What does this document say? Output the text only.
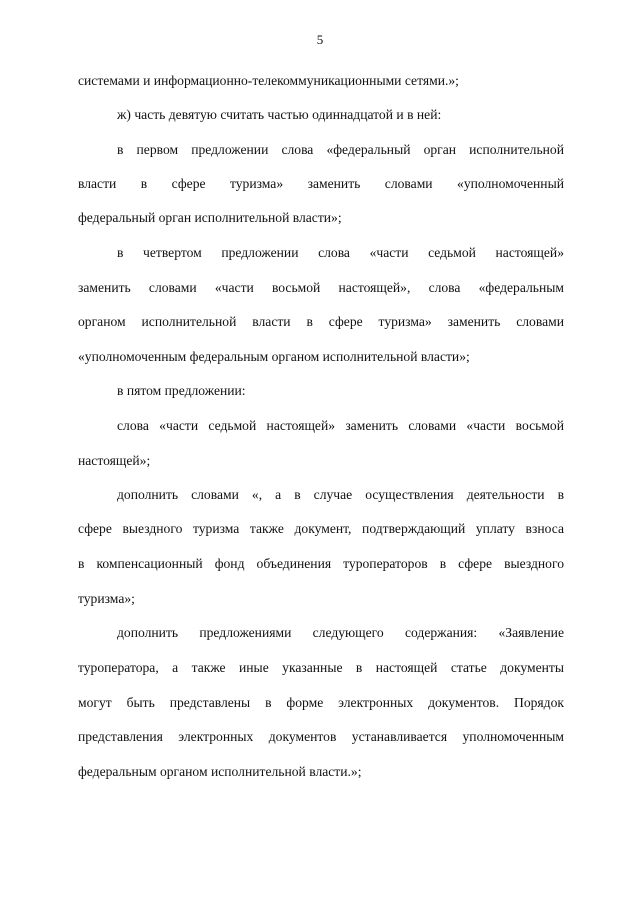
5
системами и информационно-телекоммуникационными сетями.»;
ж) часть девятую считать частью одиннадцатой и в ней:
в первом предложении слова «федеральный орган исполнительной
власти в сфере туризма» заменить словами «уполномоченный
федеральный орган исполнительной власти»;
в четвертом предложении слова «части седьмой настоящей»
заменить словами «части восьмой настоящей», слова «федеральным
органом исполнительной власти в сфере туризма» заменить словами
«уполномоченным федеральным органом исполнительной власти»;
в пятом предложении:
слова «части седьмой настоящей» заменить словами «части восьмой
настоящей»;
дополнить словами «, а в случае осуществления деятельности в
сфере выездного туризма также документ, подтверждающий уплату взноса
в компенсационный фонд объединения туроператоров в сфере выездного
туризма»;
дополнить предложениями следующего содержания: «Заявление
туроператора, а также иные указанные в настоящей статье документы
могут быть представлены в форме электронных документов. Порядок
представления электронных документов устанавливается уполномоченным
федеральным органом исполнительной власти.»;
